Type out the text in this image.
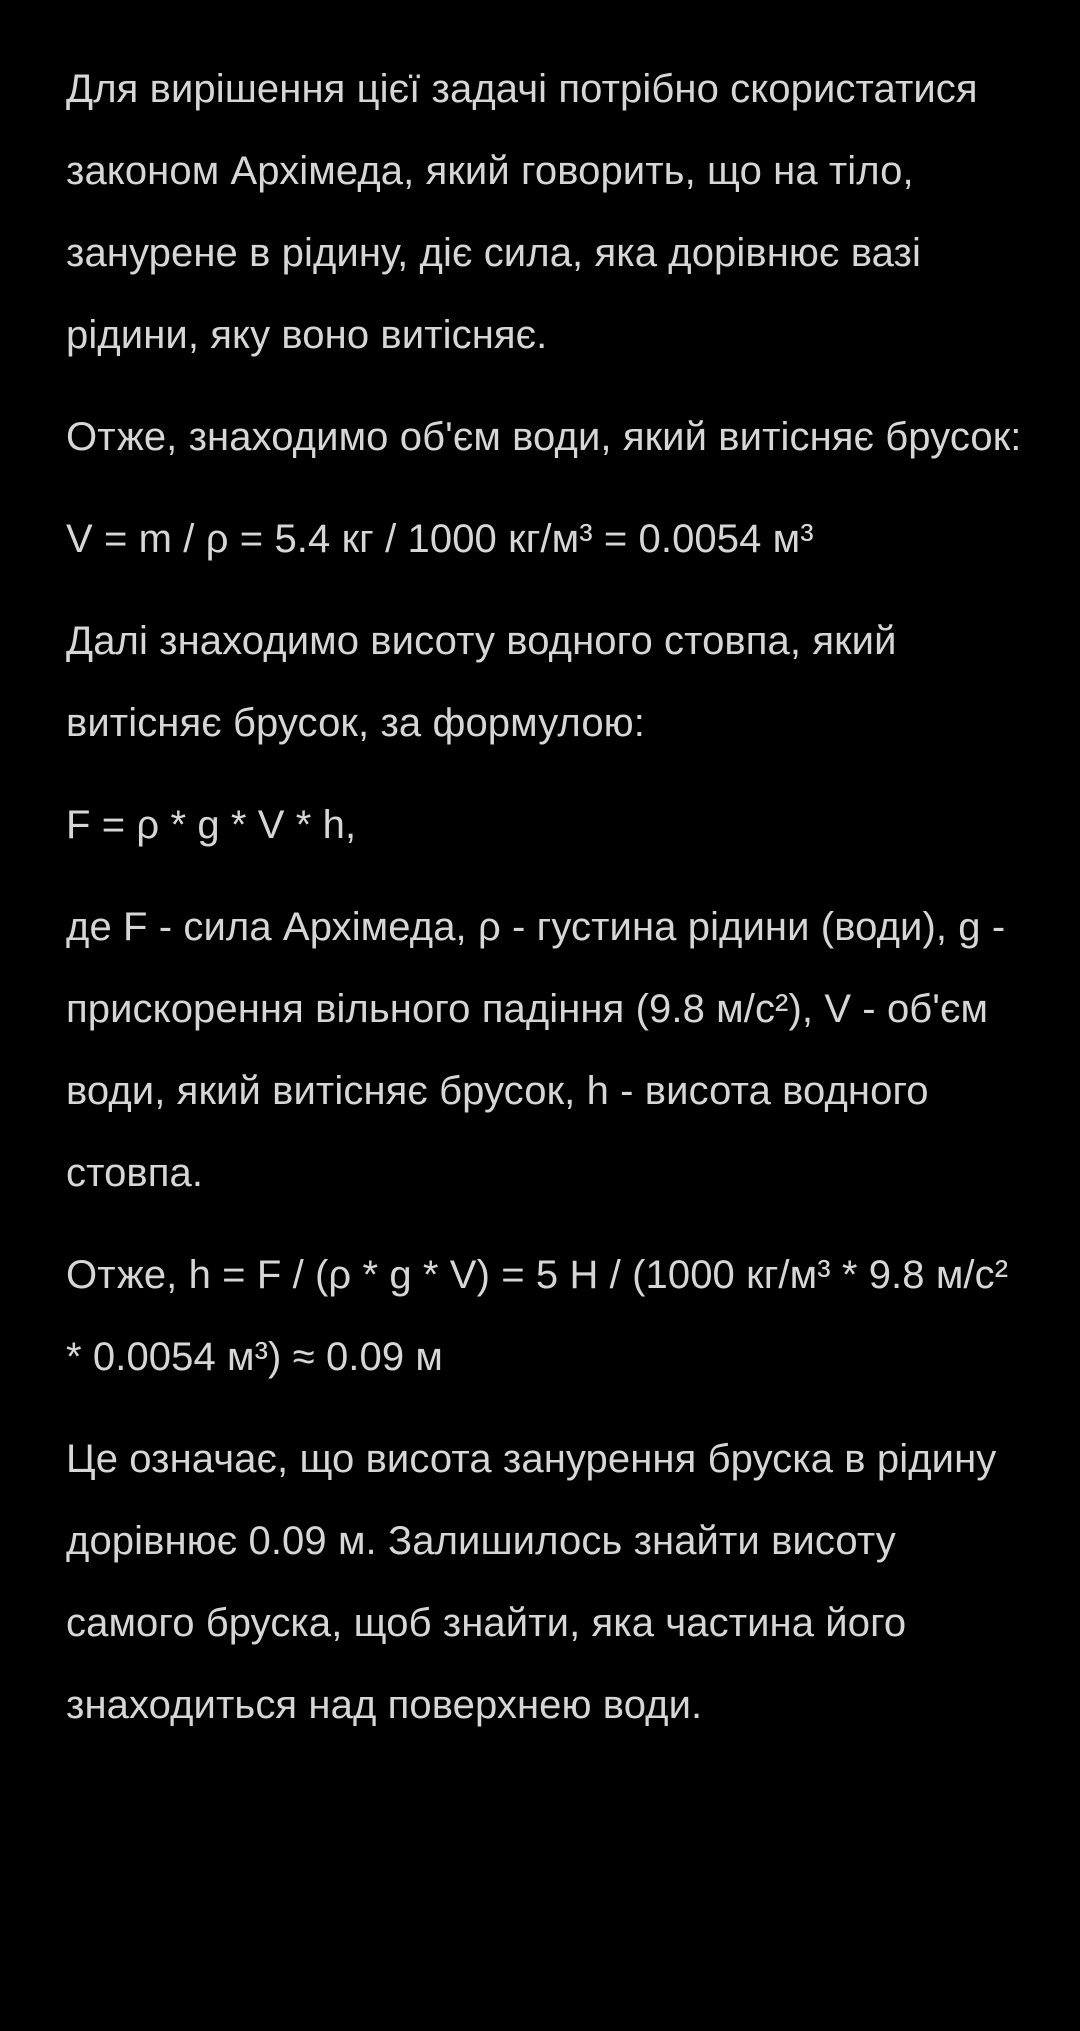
Для вирішення цієї задачі потрібно скористатися законом Архімеда, який говорить, що на тіло, занурене в рідину, діє сила, яка дорівнює вазі рідини, яку воно витісняє.

Отже, знаходимо об'єм води, який витісняє брусок:

V = m / ρ = 5.4 кг / 1000 кг/м³ = 0.0054 м³

Далі знаходимо висоту водного стовпа, який витісняє брусок, за формулою:

F = ρ * g * V * h,

де F - сила Архімеда, ρ - густина рідини (води), g - прискорення вільного падіння (9.8 м/с²), V - об'єм води, який витісняє брусок, h - висота водного стовпа.

Отже, h = F / (ρ * g * V) = 5 Н / (1000 кг/м³ * 9.8 м/с² * 0.0054 м³) ≈ 0.09 м

Це означає, що висота занурення бруска в рідину дорівнює 0.09 м. Залишилось знайти висоту самого бруска, щоб знайти, яка частина його знаходиться над поверхнею води.
